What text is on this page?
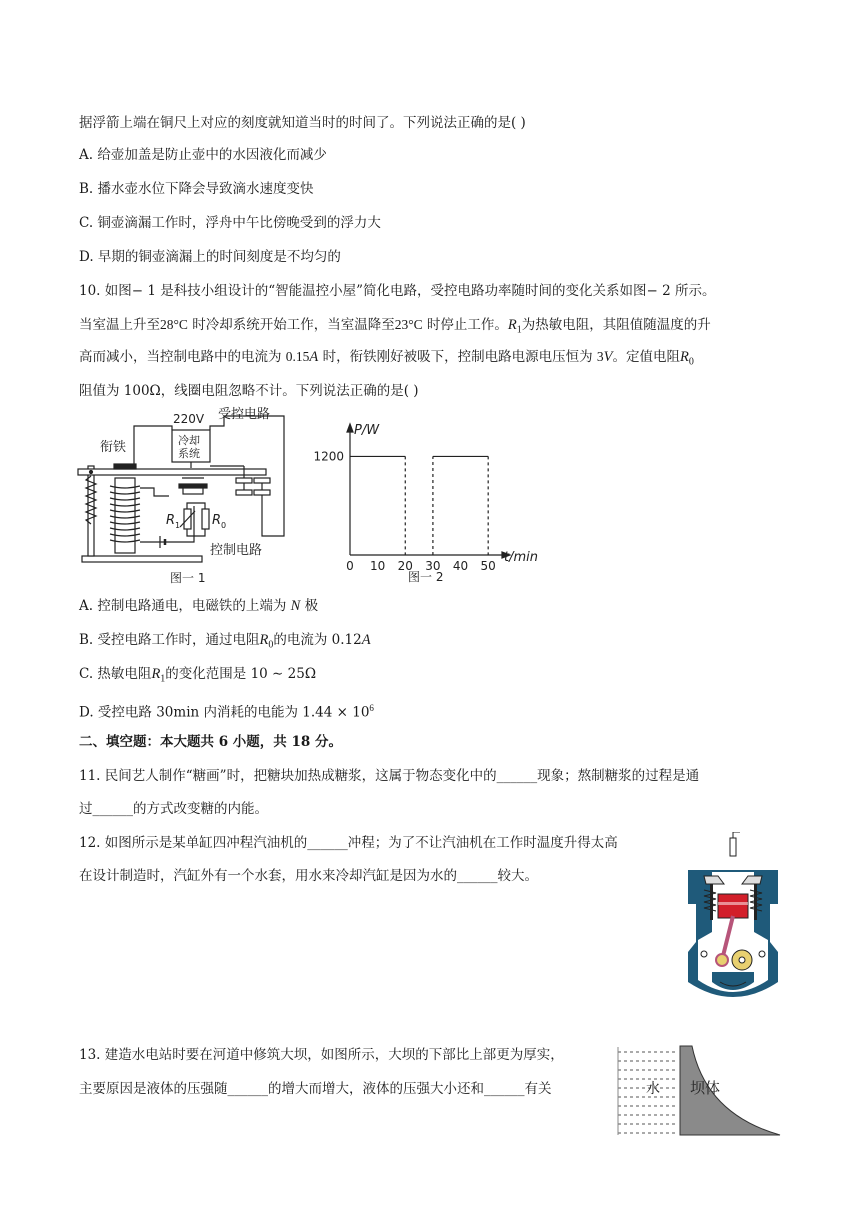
据浮箭上端在铜尺上对应的刻度就知道当时的时间了。下列说法正确的是( )
A. 给壶加盖是防止壶中的水因液化而减少
B. 播水壶水位下降会导致滴水速度变快
C. 铜壶滴漏工作时，浮舟中午比傍晚受到的浮力大
D. 早期的铜壶滴漏上的时间刻度是不均匀的
10. 如图− 1 是科技小组设计的“智能温控小屋”简化电路，受控电路功率随时间的变化关系如图− 2 所示。
当室温上升至28°C 时冷却系统开始工作，当室温降至23°C 时停止工作。$R_1$为热敏电阻，其阻值随温度的升
高而减小，当控制电路中的电流为 0.15A 时，衔铁刚好被吸下，控制电路电源电压恒为 3V。定值电阻$R_0$
阻值为 100Ω，线圈电阻忽略不计。下列说法正确的是( )
衔铁
220V 受控电路
冷却
系统
R 1 R 0
控制电路
图一 1
0 10 20 30 40 50
1200
P/W
t/min
图一 2
A. 控制电路通电，电磁铁的上端为 N 极
B. 受控电路工作时，通过电阻$R_0$的电流为 0.12A
C. 热敏电阻$R_1$的变化范围是 10 ∼ 25Ω
D. 受控电路 30min 内消耗的电能为 $1.44 \times 10^6$
二、填空题：本大题共 6 小题，共 18 分。
11. 民间艺人制作“糖画”时，把糖块加热成糖浆，这属于物态变化中的______现象；熬制糖浆的过程是通
过______的方式改变糖的内能。
12. 如图所示是某单缸四冲程汽油机的______冲程；为了不让汽油机在工作时温度升得太高
在设计制造时，汽缸外有一个水套，用水来冷却汽缸是因为水的______较大。
13. 建造水电站时要在河道中修筑大坝，如图所示，大坝的下部比上部更为厚实，
主要原因是液体的压强随______的增大而增大，液体的压强大小还和______有关	水 坝体
